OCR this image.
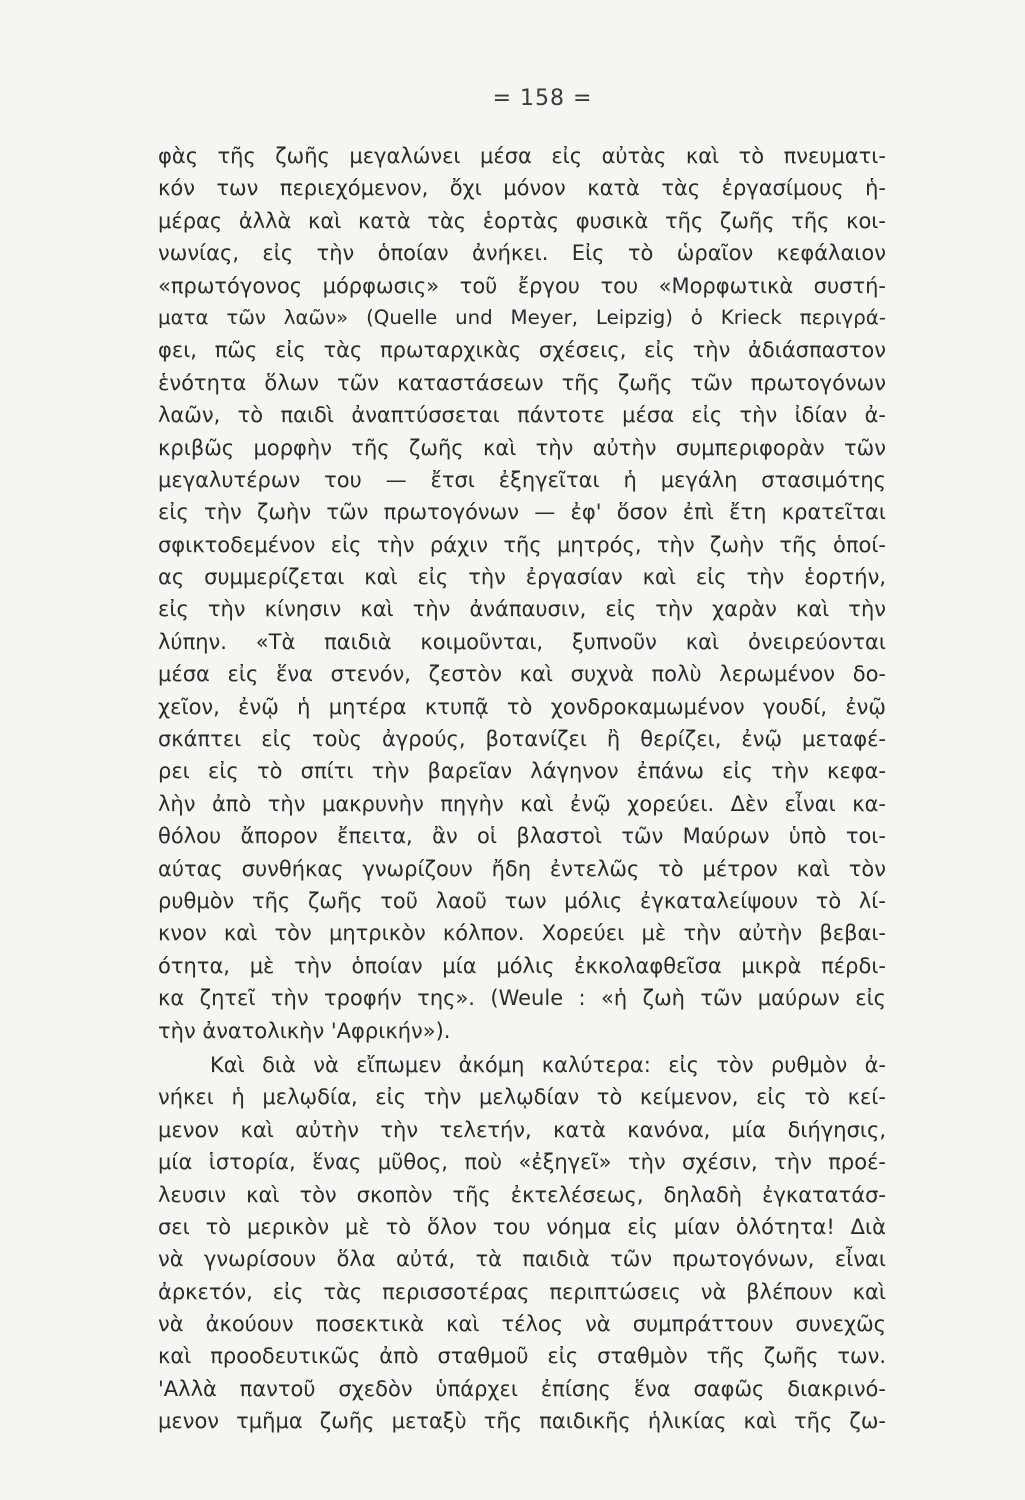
= 158 =
φὰς τῆς ζωῆς μεγαλώνει μέσα εἰς αὐτὰς καὶ τὸ πνευματι-
κόν των περιεχόμενον, ὄχι μόνον κατὰ τὰς ἐργασίμους ἡ-
μέρας ἀλλὰ καὶ κατὰ τὰς ἑορτὰς φυσικὰ τῆς ζωῆς τῆς κοι-
νωνίας, εἰς τὴν ὁποίαν ἀνήκει. Εἰς τὸ ὡραῖον κεφάλαιον
«πρωτόγονος μόρφωσις» τοῦ ἔργου του «Μορφωτικὰ συστή-
ματα τῶν λαῶν» (Quelle und Meyer, Leipzig) ὁ Krieck περιγρά-
φει, πῶς εἰς τὰς πρωταρχικὰς σχέσεις, εἰς τὴν ἀδιάσπαστον
ἑνότητα ὅλων τῶν καταστάσεων τῆς ζωῆς τῶν πρωτογόνων
λαῶν, τὸ παιδὶ ἀναπτύσσεται πάντοτε μέσα εἰς τὴν ἰδίαν ἀ-
κριβῶς μορφὴν τῆς ζωῆς καὶ τὴν αὐτὴν συμπεριφορὰν τῶν
μεγαλυτέρων του — ἔτσι ἐξηγεῖται ἡ μεγάλη στασιμότης
εἰς τὴν ζωὴν τῶν πρωτογόνων — ἐφ' ὅσον ἐπὶ ἔτη κρατεῖται
σφικτοδεμένον εἰς τὴν ράχιν τῆς μητρός, τὴν ζωὴν τῆς ὁποί-
ας συμμερίζεται καὶ εἰς τὴν ἐργασίαν καὶ εἰς τὴν ἑορτήν,
εἰς τὴν κίνησιν καὶ τὴν ἀνάπαυσιν, εἰς τὴν χαρὰν καὶ τὴν
λύπην. «Τὰ παιδιὰ κοιμοῦνται, ξυπνοῦν καὶ ὀνειρεύονται
μέσα εἰς ἕνα στενόν, ζεστὸν καὶ συχνὰ πολὺ λερωμένον δο-
χεῖον, ἐνῷ ἡ μητέρα κτυπᾷ τὸ χονδροκαμωμένον γουδί, ἐνῷ
σκάπτει εἰς τοὺς ἀγρούς, βοτανίζει ἢ θερίζει, ἐνῷ μεταφέ-
ρει εἰς τὸ σπίτι τὴν βαρεῖαν λάγηνον ἐπάνω εἰς τὴν κεφα-
λὴν ἀπὸ τὴν μακρυνὴν πηγὴν καὶ ἐνῷ χορεύει. Δὲν εἶναι κα-
θόλου ἄπορον ἔπειτα, ἂν οἱ βλαστοὶ τῶν Μαύρων ὑπὸ τοι-
αύτας συνθήκας γνωρίζουν ἤδη ἐντελῶς τὸ μέτρον καὶ τὸν
ρυθμὸν τῆς ζωῆς τοῦ λαοῦ των μόλις ἐγκαταλείψουν τὸ λί-
κνον καὶ τὸν μητρικὸν κόλπον. Χορεύει μὲ τὴν αὐτὴν βεβαι-
ότητα, μὲ τὴν ὁποίαν μία μόλις ἐκκολαφθεῖσα μικρὰ πέρδι-
κα ζητεῖ τὴν τροφήν της». (Weule : «ἡ ζωὴ τῶν μαύρων εἰς
τὴν ἀνατολικὴν 'Αφρικήν»).
Καὶ διὰ νὰ εἴπωμεν ἀκόμη καλύτερα: εἰς τὸν ρυθμὸν ἀ-
νήκει ἡ μελῳδία, εἰς τὴν μελῳδίαν τὸ κείμενον, εἰς τὸ κεί-
μενον καὶ αὐτὴν τὴν τελετήν, κατὰ κανόνα, μία διήγησις,
μία ἱστορία, ἕνας μῦθος, ποὺ «ἐξηγεῖ» τὴν σχέσιν, τὴν προέ-
λευσιν καὶ τὸν σκοπὸν τῆς ἐκτελέσεως, δηλαδὴ ἐγκατατάσ-
σει τὸ μερικὸν μὲ τὸ ὅλον του νόημα εἰς μίαν ὁλότητα! Διὰ
νὰ γνωρίσουν ὅλα αὐτά, τὰ παιδιὰ τῶν πρωτογόνων, εἶναι
ἀρκετόν, εἰς τὰς περισσοτέρας περιπτώσεις νὰ βλέπουν καὶ
νὰ ἀκούουν ποσεκτικὰ καὶ τέλος νὰ συμπράττουν συνεχῶς
καὶ προοδευτικῶς ἀπὸ σταθμοῦ εἰς σταθμὸν τῆς ζωῆς των.
'Αλλὰ παντοῦ σχεδὸν ὑπάρχει ἐπίσης ἕνα σαφῶς διακρινό-
μενον τμῆμα ζωῆς μεταξὺ τῆς παιδικῆς ἡλικίας καὶ τῆς ζω-
